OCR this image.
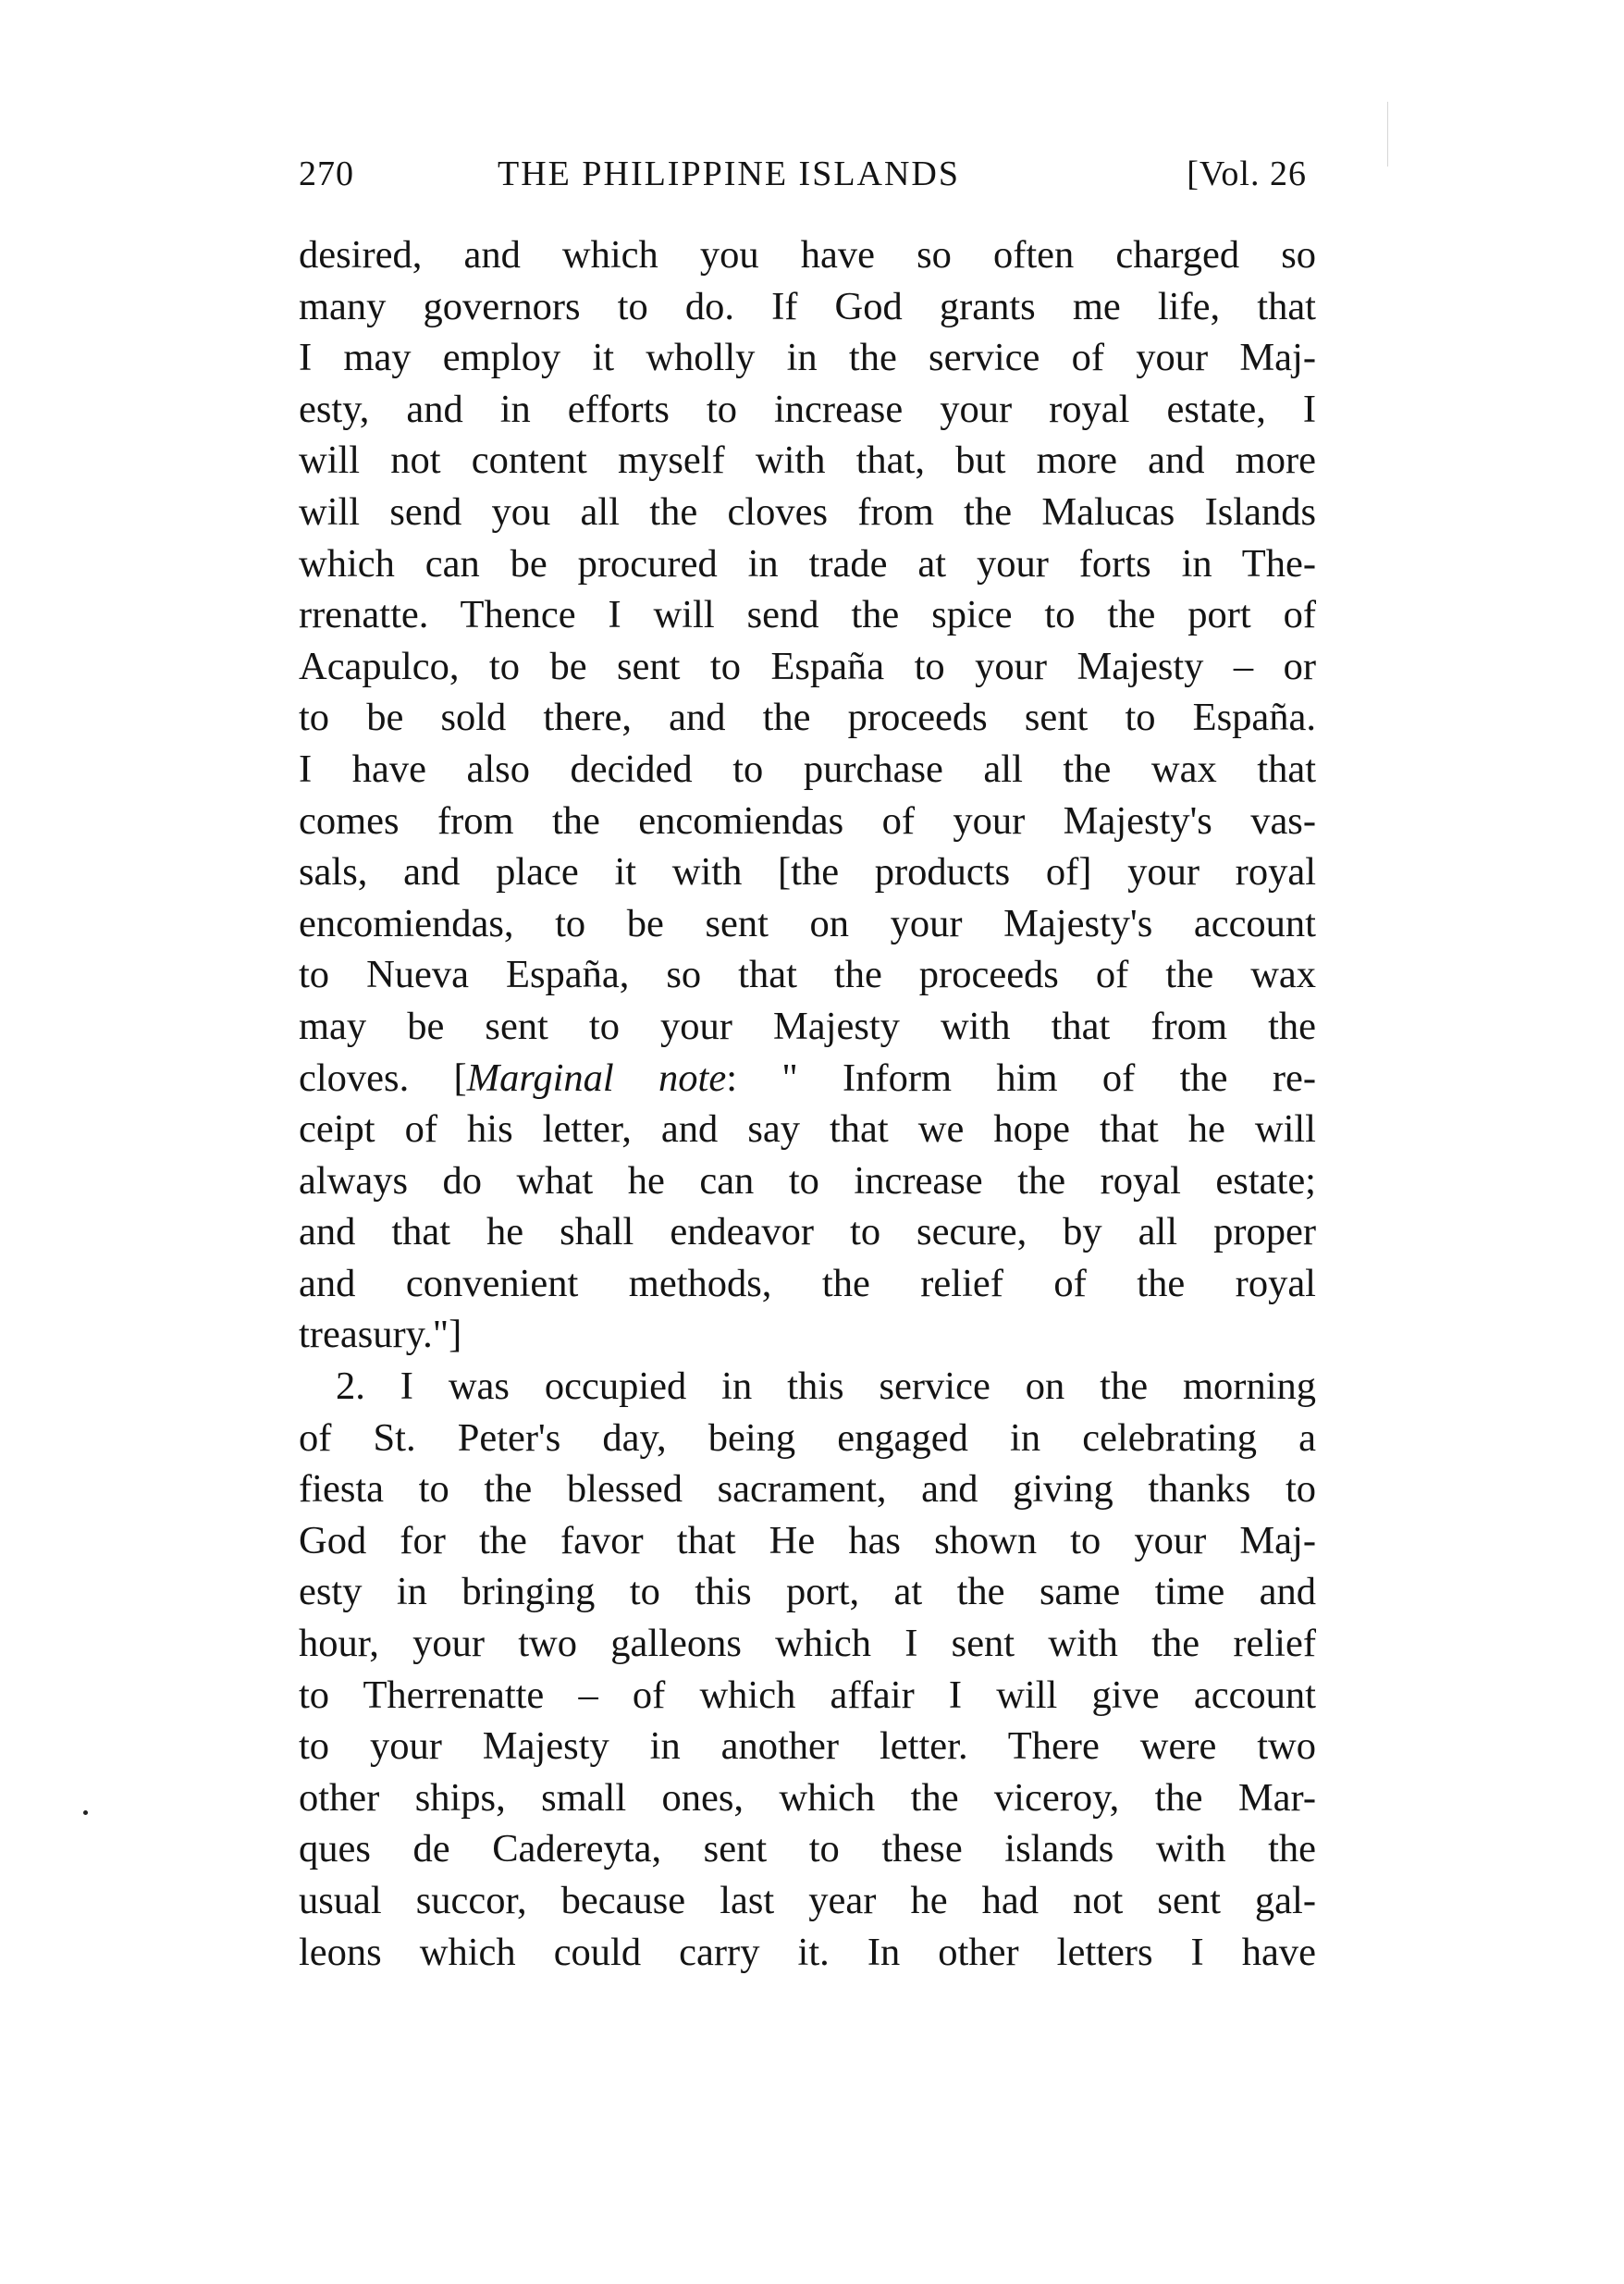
270	THE PHILIPPINE ISLANDS	[Vol. 26
desired, and which you have so often charged so
many governors to do. If God grants me life, that
I may employ it wholly in the service of your Maj-
esty, and in efforts to increase your royal estate, I
will not content myself with that, but more and more
will send you all the cloves from the Malucas Islands
which can be procured in trade at your forts in The-
rrenatte. Thence I will send the spice to the port of
Acapulco, to be sent to España to your Majesty – or
to be sold there, and the proceeds sent to España.
I have also decided to purchase all the wax that
comes from the encomiendas of your Majesty's vas-
sals, and place it with [the products of] your royal
encomiendas, to be sent on your Majesty's account
to Nueva España, so that the proceeds of the wax
may be sent to your Majesty with that from the
cloves. [Marginal note: " Inform him of the re-
ceipt of his letter, and say that we hope that he will
always do what he can to increase the royal estate;
and that he shall endeavor to secure, by all proper
and convenient methods, the relief of the royal
treasury."]
2. I was occupied in this service on the morning
of St. Peter's day, being engaged in celebrating a
fiesta to the blessed sacrament, and giving thanks to
God for the favor that He has shown to your Maj-
esty in bringing to this port, at the same time and
hour, your two galleons which I sent with the relief
to Therrenatte – of which affair I will give account
to your Majesty in another letter. There were two
other ships, small ones, which the viceroy, the Mar-
ques de Cadereyta, sent to these islands with the
usual succor, because last year he had not sent gal-
leons which could carry it. In other letters I have
